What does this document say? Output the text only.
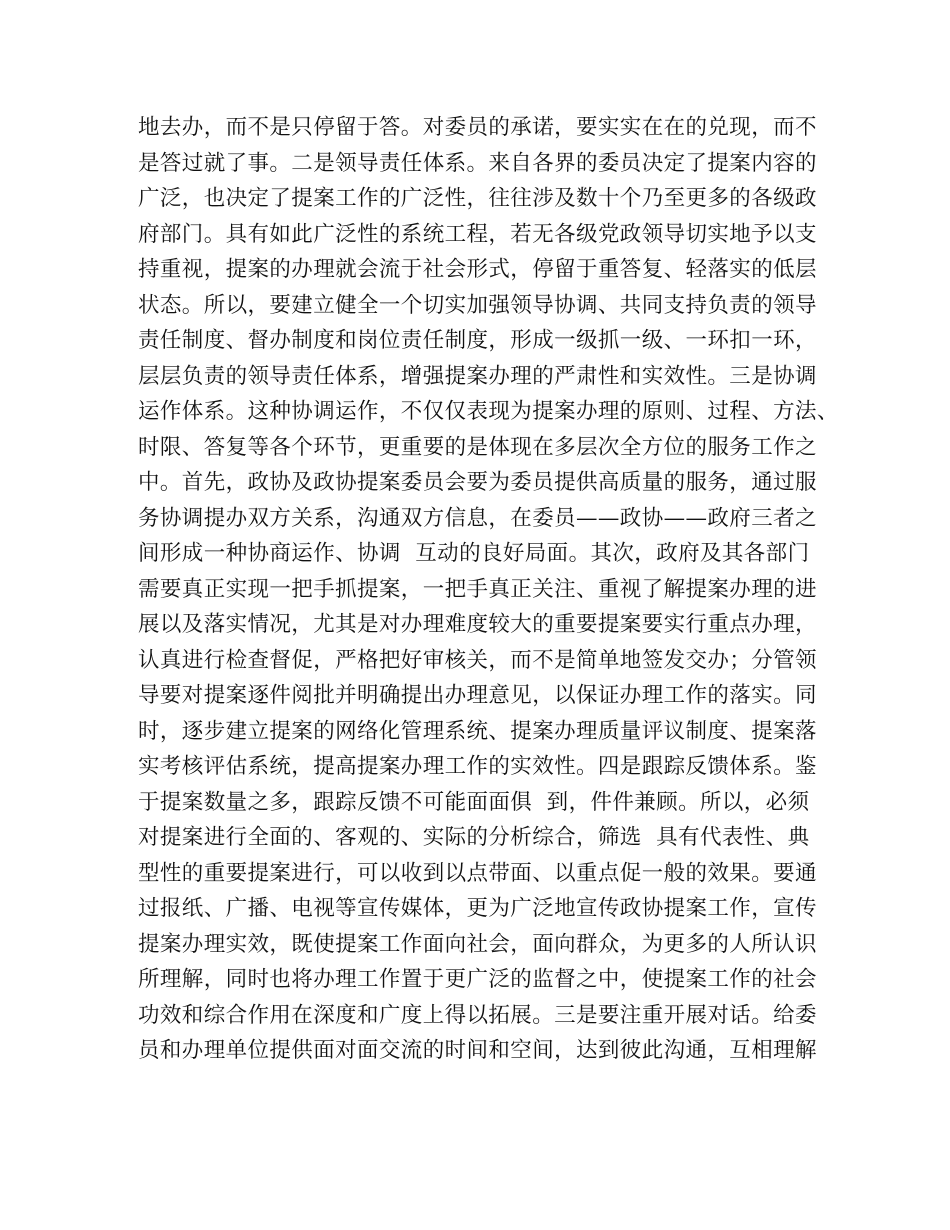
地去办，而不是只停留于答。对委员的承诺，要实实在在的兑现，而不
是答过就了事。二是领导责任体系。来自各界的委员决定了提案内容的
广泛，也决定了提案工作的广泛性，往往涉及数十个乃至更多的各级政
府部门。具有如此广泛性的系统工程，若无各级党政领导切实地予以支
持重视，提案的办理就会流于社会形式，停留于重答复、轻落实的低层
状态。所以，要建立健全一个切实加强领导协调、共同支持负责的领导
责任制度、督办制度和岗位责任制度，形成一级抓一级、一环扣一环，
层层负责的领导责任体系，增强提案办理的严肃性和实效性。三是协调
运作体系。这种协调运作，不仅仅表现为提案办理的原则、过程、方法、
时限、答复等各个环节，更重要的是体现在多层次全方位的服务工作之
中。首先，政协及政协提案委员会要为委员提供高质量的服务，通过服
务协调提办双方关系，沟通双方信息，在委员——政协——政府三者之
间形成一种协商运作、协调  互动的良好局面。其次，政府及其各部门
需要真正实现一把手抓提案，一把手真正关注、重视了解提案办理的进
展以及落实情况，尤其是对办理难度较大的重要提案要实行重点办理，
认真进行检查督促，严格把好审核关，而不是简单地签发交办；分管领
导要对提案逐件阅批并明确提出办理意见，以保证办理工作的落实。同
时，逐步建立提案的网络化管理系统、提案办理质量评议制度、提案落
实考核评估系统，提高提案办理工作的实效性。四是跟踪反馈体系。鉴
于提案数量之多，跟踪反馈不可能面面俱  到，件件兼顾。所以，必须
对提案进行全面的、客观的、实际的分析综合，筛选  具有代表性、典
型性的重要提案进行，可以收到以点带面、以重点促一般的效果。要通
过报纸、广播、电视等宣传媒体，更为广泛地宣传政协提案工作，宣传
提案办理实效，既使提案工作面向社会，面向群众，为更多的人所认识
所理解，同时也将办理工作置于更广泛的监督之中，使提案工作的社会
功效和综合作用在深度和广度上得以拓展。三是要注重开展对话。给委
员和办理单位提供面对面交流的时间和空间，达到彼此沟通，互相理解
